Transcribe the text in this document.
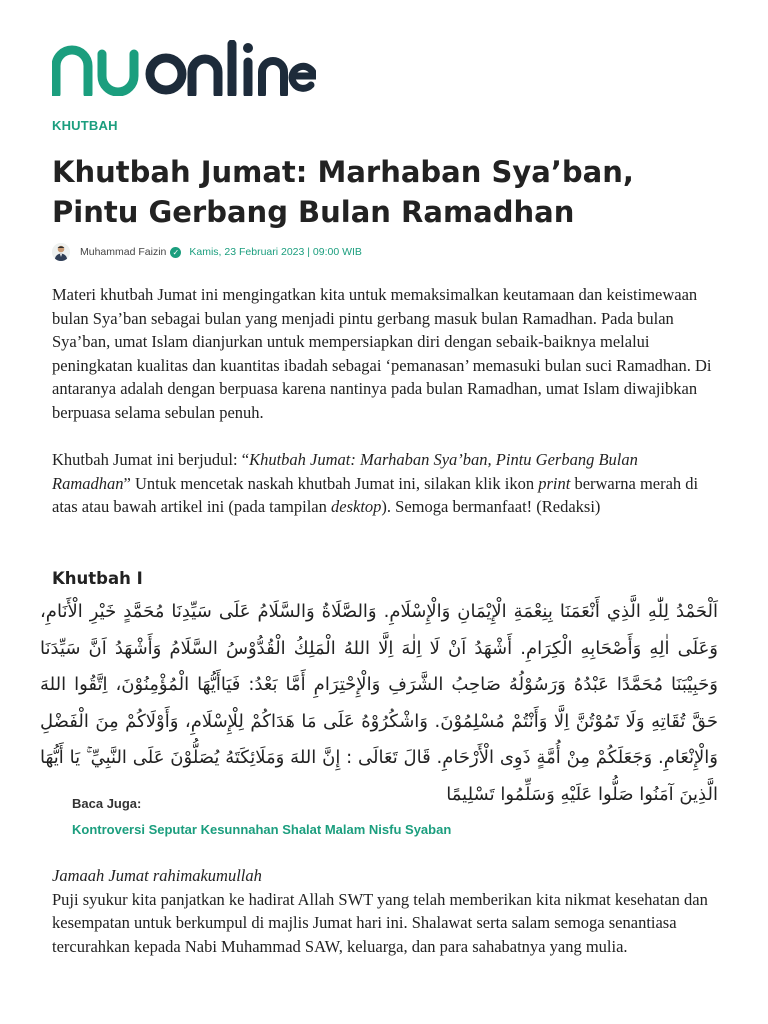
KHUTBAH
Khutbah Jumat: Marhaban Sya’ban, Pintu Gerbang Bulan Ramadhan
Muhammad Faizin ✓ Kamis, 23 Februari 2023 | 09:00 WIB

Materi khutbah Jumat ini mengingatkan kita untuk memaksimalkan keutamaan dan keistimewaan bulan Sya’ban sebagai bulan yang menjadi pintu gerbang masuk bulan Ramadhan. Pada bulan Sya’ban, umat Islam dianjurkan untuk mempersiapkan diri dengan sebaik-baiknya melalui peningkatan kualitas dan kuantitas ibadah sebagai ‘pemanasan’ memasuki bulan suci Ramadhan. Di antaranya adalah dengan berpuasa karena nantinya pada bulan Ramadhan, umat Islam diwajibkan berpuasa selama sebulan penuh.

Khutbah Jumat ini berjudul: “Khutbah Jumat: Marhaban Sya’ban, Pintu Gerbang Bulan Ramadhan” Untuk mencetak naskah khutbah Jumat ini, silakan klik ikon print berwarna merah di atas atau bawah artikel ini (pada tampilan desktop). Semoga bermanfaat! (Redaksi)

Khutbah I

اَلْحَمْدُ لِلّٰهِ الَّذِي أَنْعَمَنَا بِنِعْمَةِ الْإِيْمَانِ وَالْإِسْلَامِ. وَالصَّلَاةُ وَالسَّلَامُ عَلَى سَيِّدِنَا مُحَمَّدٍ خَيْرِ الْأَنَامِ، وَعَلَى اٰلِهِ وَأَصْحَابِهِ الْكِرَامِ. أَشْهَدُ اَنْ لَا اِلٰهَ اِلَّا اللهُ الْمَلِكُ الْقُدُّوْسُ السَّلَامُ وَأَشْهَدُ اَنَّ سَيِّدَنَا وَحَبِيْبَنَا مُحَمَّدًا عَبْدُهُ وَرَسُوْلُهُ صَاحِبُ الشَّرَفِ وَالْإِحْتِرَامِ أَمَّا بَعْدُ: فَيَاأَيُّهَا الْمُؤْمِنُوْنَ، اِتَّقُوا اللهَ حَقَّ تُقَاتِهِ وَلَا تَمُوْتُنَّ اِلَّا وَأَنْتُمْ مُسْلِمُوْنَ. وَاشْكُرُوْهُ عَلَى مَا هَدَاكُمْ لِلْإِسْلَامِ، وَأَوْلَاكُمْ مِنَ الْفَضْلِ وَالْإِنْعَامِ. وَجَعَلَكُمْ مِنْ أُمَّةٍ ذَوِى الْأَرْحَامِ. قَالَ تَعَالَى : إِنَّ اللهَ وَمَلَائِكَتَهُ يُصَلُّوْنَ عَلَى النَّبِيِّ ۚ يَا أَيُّهَا الَّذِينَ آمَنُوا صَلُّوا عَلَيْهِ وَسَلِّمُوا تَسْلِيمًا

Baca Juga:
Kontroversi Seputar Kesunnahan Shalat Malam Nisfu Syaban

Jamaah Jumat rahimakumullah
Puji syukur kita panjatkan ke hadirat Allah SWT yang telah memberikan kita nikmat kesehatan dan kesempatan untuk berkumpul di majlis Jumat hari ini. Shalawat serta salam semoga senantiasa tercurahkan kepada Nabi Muhammad SAW, keluarga, dan para sahabatnya yang mulia.
